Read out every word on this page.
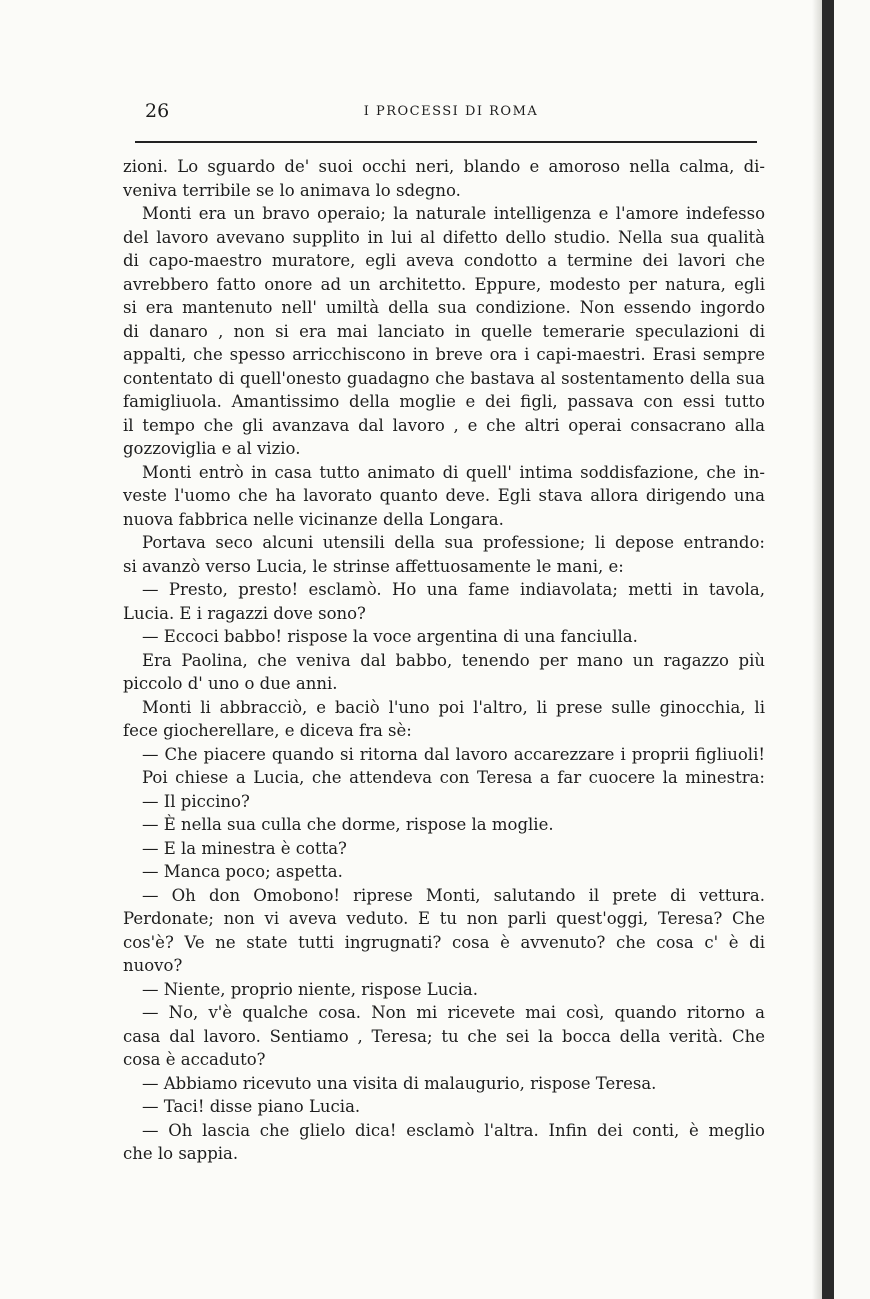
26	I PROCESSI DI ROMA
zioni. Lo sguardo de' suoi occhi neri, blando e amoroso nella calma, di-
veniva terribile se lo animava lo sdegno.
Monti era un bravo operaio; la naturale intelligenza e l'amore indefesso
del lavoro avevano supplito in lui al difetto dello studio. Nella sua qualità
di capo-maestro muratore, egli aveva condotto a termine dei lavori che
avrebbero fatto onore ad un architetto. Eppure, modesto per natura, egli
si era mantenuto nell' umiltà della sua condizione. Non essendo ingordo
di danaro , non si era mai lanciato in quelle temerarie speculazioni di
appalti, che spesso arricchiscono in breve ora i capi-maestri. Erasi sempre
contentato di quell'onesto guadagno che bastava al sostentamento della sua
famigliuola. Amantissimo della moglie e dei figli, passava con essi tutto
il tempo che gli avanzava dal lavoro , e che altri operai consacrano alla
gozzoviglia e al vizio.
Monti entrò in casa tutto animato di quell' intima soddisfazione, che in-
veste l'uomo che ha lavorato quanto deve. Egli stava allora dirigendo una
nuova fabbrica nelle vicinanze della Longara.
Portava seco alcuni utensili della sua professione; li depose entrando:
si avanzò verso Lucia, le strinse affettuosamente le mani, e:
— Presto, presto! esclamò. Ho una fame indiavolata; metti in tavola,
Lucia. E i ragazzi dove sono?
— Eccoci babbo! rispose la voce argentina di una fanciulla.
Era Paolina, che veniva dal babbo, tenendo per mano un ragazzo più
piccolo d' uno o due anni.
Monti li abbracciò, e baciò l'uno poi l'altro, li prese sulle ginocchia, li
fece giocherellare, e diceva fra sè:
— Che piacere quando si ritorna dal lavoro accarezzare i proprii figliuoli!
Poi chiese a Lucia, che attendeva con Teresa a far cuocere la minestra:
— Il piccino?
— È nella sua culla che dorme, rispose la moglie.
— E la minestra è cotta?
— Manca poco; aspetta.
— Oh don Omobono! riprese Monti, salutando il prete di vettura.
Perdonate; non vi aveva veduto. E tu non parli quest'oggi, Teresa? Che
cos'è? Ve ne state tutti ingrugnati? cosa è avvenuto? che cosa c' è di
nuovo?
— Niente, proprio niente, rispose Lucia.
— No, v'è qualche cosa. Non mi ricevete mai così, quando ritorno a
casa dal lavoro. Sentiamo , Teresa; tu che sei la bocca della verità. Che
cosa è accaduto?
— Abbiamo ricevuto una visita di malaugurio, rispose Teresa.
— Taci! disse piano Lucia.
— Oh lascia che glielo dica! esclamò l'altra. Infin dei conti, è meglio
che lo sappia.
